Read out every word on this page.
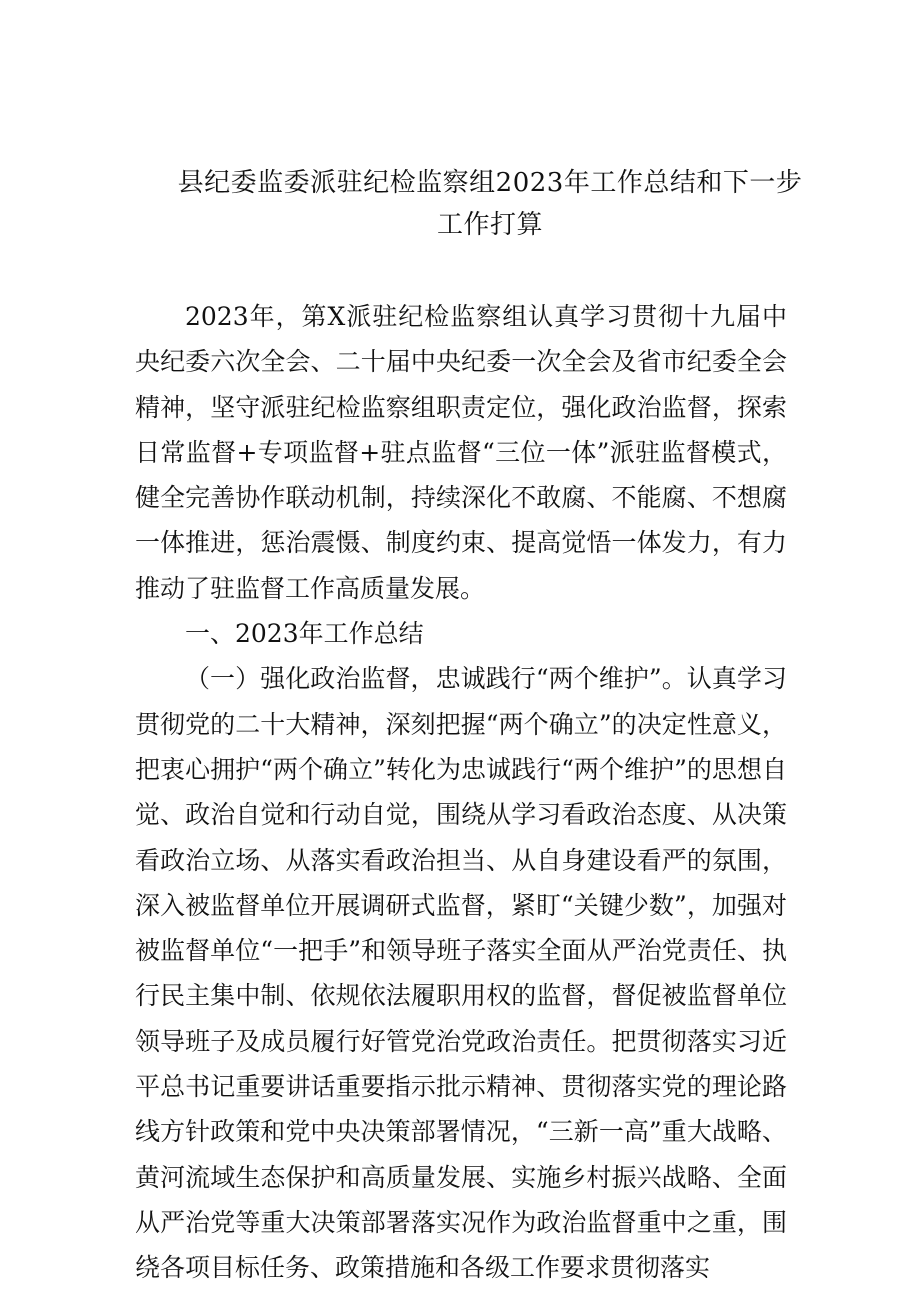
县纪委监委派驻纪检监察组2023年工作总结和下一步工作打算

2023年，第X派驻纪检监察组认真学习贯彻十九届中央纪委六次全会、二十届中央纪委一次全会及省市纪委全会精神，坚守派驻纪检监察组职责定位，强化政治监督，探索日常监督+专项监督+驻点监督“三位一体”派驻监督模式，健全完善协作联动机制，持续深化不敢腐、不能腐、不想腐一体推进，惩治震慑、制度约束、提高觉悟一体发力，有力推动了驻监督工作高质量发展。

一、2023年工作总结

（一）强化政治监督，忠诚践行“两个维护”。认真学习贯彻党的二十大精神，深刻把握“两个确立”的决定性意义，把衷心拥护“两个确立”转化为忠诚践行“两个维护”的思想自觉、政治自觉和行动自觉，围绕从学习看政治态度、从决策看政治立场、从落实看政治担当、从自身建设看严的氛围，深入被监督单位开展调研式监督，紧盯“关键少数”，加强对被监督单位“一把手”和领导班子落实全面从严治党责任、执行民主集中制、依规依法履职用权的监督，督促被监督单位领导班子及成员履行好管党治党政治责任。把贯彻落实习近平总书记重要讲话重要指示批示精神、贯彻落实党的理论路线方针政策和党中央决策部署情况，“三新一高”重大战略、黄河流域生态保护和高质量发展、实施乡村振兴战略、全面从严治党等重大决策部署落实况作为政治监督重中之重，围绕各项目标任务、政策措施和各级工作要求贯彻落实
